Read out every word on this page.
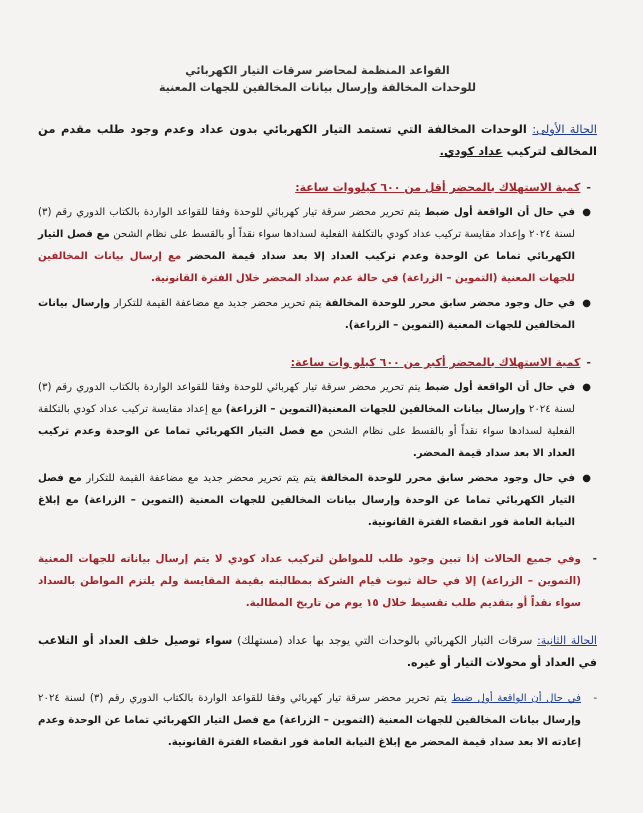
القواعد المنظمة لمحاضر سرقات التيار الكهربائي

للوحدات المخالفة وإرسال بيانات المخالفين للجهات المعنية

الحالة الأولى: الوحدات المخالفة التي تستمد التيار الكهربائي بدون عداد وعدم وجود طلب مقدم من المخالف لتركيب عداد كودي.

-كمية الاستهلاك بالمحضر أقل من ٦٠٠ كيلووات ساعة:

●
في حال أن الواقعة أول ضبط يتم تحرير محضر سرقة تيار كهربائي للوحدة وفقا للقواعد الواردة بالكتاب الدوري رقم (٣) لسنة ٢٠٢٤ وإعداد مقايسة تركيب عداد كودي بالتكلفة الفعلية لسدادها سواء نقداً أو بالقسط على نظام الشحن مع فصل التيار الكهربائي تماما عن الوحدة وعدم تركيب العداد إلا بعد سداد قيمة المحضر مع إرسال بيانات المخالفين للجهات المعنية (التموين – الزراعة) في حالة عدم سداد المحضر خلال الفترة القانونية.
●
في حال وجود محضر سابق محرر للوحدة المخالفة يتم تحرير محضر جديد مع مضاعفة القيمة للتكرار وإرسال بيانات المخالفين للجهات المعنية (التموين – الزراعة).

-كمية الاستهلاك بالمحضر أكبر من ٦٠٠ كيلو وات ساعة:

●
في حال أن الواقعة أول ضبط يتم تحرير محضر سرقة تيار كهربائي للوحدة وفقا للقواعد الواردة بالكتاب الدوري رقم (٣) لسنة ٢٠٢٤ وإرسال بيانات المخالفين للجهات المعنية(التموين – الزراعة) مع إعداد مقايسة تركيب عداد كودي بالتكلفة الفعلية لسدادها سواء نقداً أو بالقسط على نظام الشحن مع فصل التيار الكهربائي تماما عن الوحدة وعدم تركيب العداد الا بعد سداد قيمة المحضر.
●
في حال وجود محضر سابق محرر للوحدة المخالفة يتم يتم تحرير محضر جديد مع مضاعفة القيمة للتكرار مع فصل التيار الكهربائي تماما عن الوحدة وإرسال بيانات المخالفين للجهات المعنية (التموين – الزراعة) مع إبلاغ النيابة العامة فور انقضاء الفترة القانونية.

-
وفي جميع الحالات إذا تبين وجود طلب للمواطن لتركيب عداد كودي لا يتم إرسال بياناته للجهات المعنية (التموين – الزراعة) إلا في حالة ثبوت قيام الشركة بمطالبته بقيمة المقايسة ولم يلتزم المواطن بالسداد سواء نقداً أو بتقديم طلب تقسيط خلال ١٥ يوم من تاريخ المطالبة.

الحالة الثانية: سرقات التيار الكهربائي بالوحدات التي يوجد بها عداد (مستهلك) سواء توصيل خلف العداد أو التلاعب في العداد أو محولات التيار أو غيره.

-
في حال أن الواقعة أول ضبط يتم تحرير محضر سرقة تيار كهربائي وفقا للقواعد الواردة بالكتاب الدوري رقم (٣) لسنة ٢٠٢٤ وإرسال بيانات المخالفين للجهات المعنية (التموين – الزراعة) مع فصل التيار الكهربائي تماما عن الوحدة وعدم إعادته الا بعد سداد قيمة المحضر مع إبلاغ النيابة العامة فور انقضاء الفترة القانونية.
